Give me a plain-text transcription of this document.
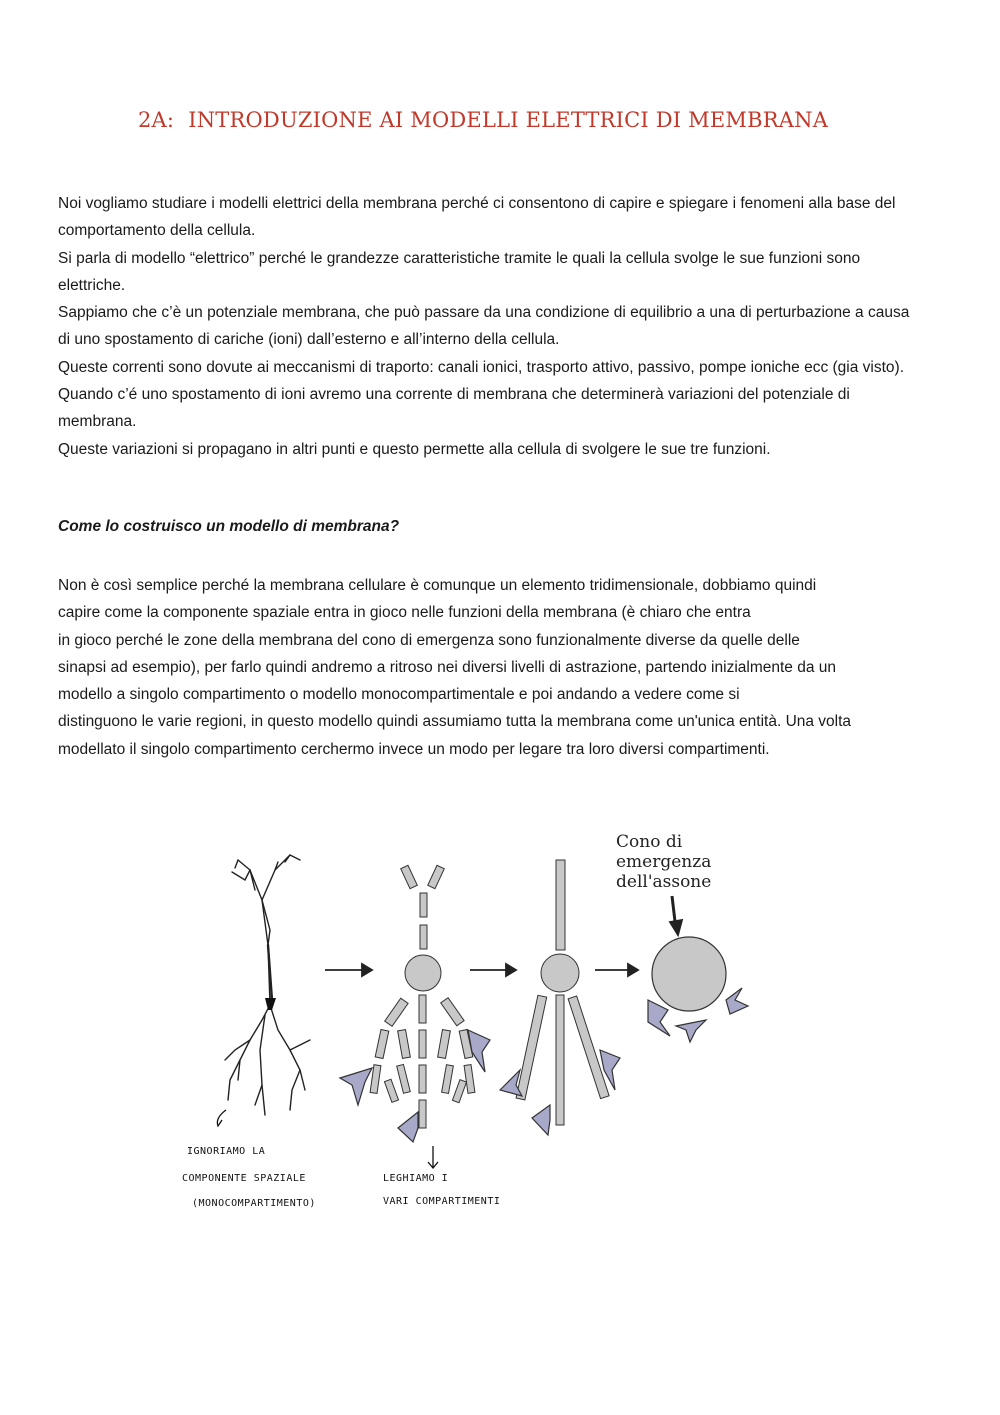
2A: INTRODUZIONE AI MODELLI ELETTRICI DI MEMBRANA
Noi vogliamo studiare i modelli elettrici della membrana perché ci consentono di capire e spiegare i fenomeni alla base del
comportamento della cellula.
Si parla di modello “elettrico” perché le grandezze caratteristiche tramite le quali la cellula svolge le sue funzioni sono
elettriche.
Sappiamo che c’è un potenziale membrana, che può passare da una condizione di equilibrio a una di perturbazione a causa
di uno spostamento di cariche (ioni) dall’esterno e all’interno della cellula.
Queste correnti sono dovute ai meccanismi di traporto: canali ionici, trasporto attivo, passivo, pompe ioniche ecc (gia visto).
Quando c’é uno spostamento di ioni avremo una corrente di membrana che determinerà variazioni del potenziale di
membrana.
Queste variazioni si propagano in altri punti e questo permette alla cellula di svolgere le sue tre funzioni.
Come lo costruisco un modello di membrana?
Non è così semplice perché la membrana cellulare è comunque un elemento tridimensionale, dobbiamo quindi
capire come la componente spaziale entra in gioco nelle funzioni della membrana (è chiaro che entra
in gioco perché le zone della membrana del cono di emergenza sono funzionalmente diverse da quelle delle
sinapsi ad esempio), per farlo quindi andremo a ritroso nei diversi livelli di astrazione, partendo inizialmente da un
modello a singolo compartimento o modello monocompartimentale e poi andando a vedere come si
distinguono le varie regioni, in questo modello quindi assumiamo tutta la membrana come un'unica entità. Una volta
modellato il singolo compartimento cerchermo invece un modo per legare tra loro diversi compartimenti.
Cono di
emergenza
dell'assone
IGNORIAMO LA
COMPONENTE SPAZIALE
(MONOCOMPARTIMENTO)
LEGHIAMO I
VARI COMPARTIMENTI
